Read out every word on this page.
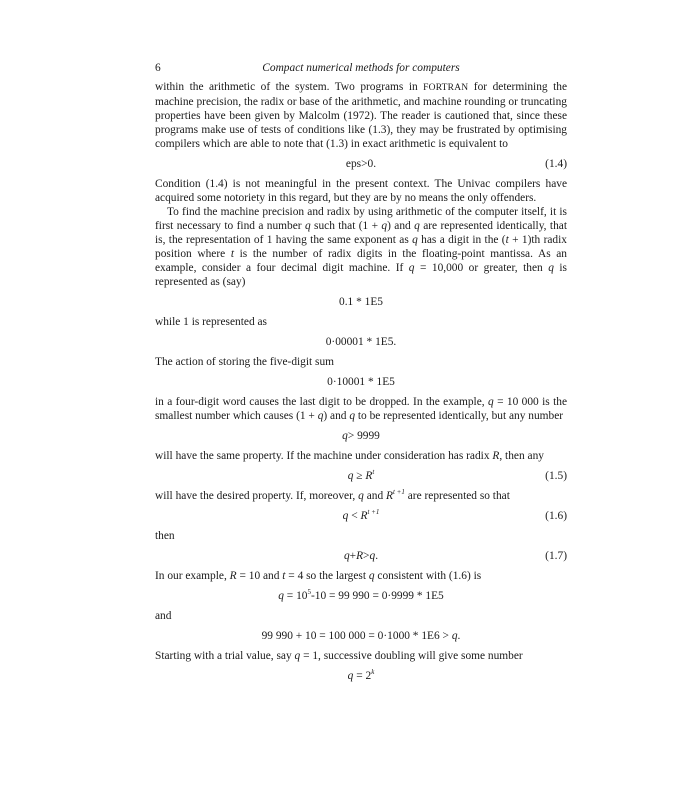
6	Compact numerical methods for computers

within the arithmetic of the system. Two programs in FORTRAN for determining the machine precision, the radix or base of the arithmetic, and machine rounding or truncating properties have been given by Malcolm (1972). The reader is cautioned that, since these programs make use of tests of conditions like (1.3), they may be frustrated by optimising compilers which are able to note that (1.3) in exact arithmetic is equivalent to

eps>0.	(1.4)

Condition (1.4) is not meaningful in the present context. The Univac compilers have acquired some notoriety in this regard, but they are by no means the only offenders.

To find the machine precision and radix by using arithmetic of the computer itself, it is first necessary to find a number q such that (1 + q) and q are represented identically, that is, the representation of 1 having the same exponent as q has a digit in the (t + 1)th radix position where t is the number of radix digits in the floating-point mantissa. As an example, consider a four decimal digit machine. If q = 10,000 or greater, then q is represented as (say)

0.1 * 1E5

while 1 is represented as

0·00001 * 1E5.

The action of storing the five-digit sum

0·10001 * 1E5

in a four-digit word causes the last digit to be dropped. In the example, q = 10 000 is the smallest number which causes (1 + q) and q to be represented identically, but any number

q> 9999

will have the same property. If the machine under consideration has radix R, then any

$q \ge R^t$	(1.5)

will have the desired property. If, moreover, q and $R^{t +1}$ are represented so that

$q < R^{t +1}$	(1.6)

then

q+R>q.	(1.7)

In our example, R = 10 and t = 4 so the largest q consistent with (1.6) is

$q = 10^5-10 = 99$ 990 = 0·9999 * 1E5

and

99 990 + 10 = 100 000 = 0·1000 * 1E6 > q.

Starting with a trial value, say q = 1, successive doubling will give some number

$q = 2^k$
